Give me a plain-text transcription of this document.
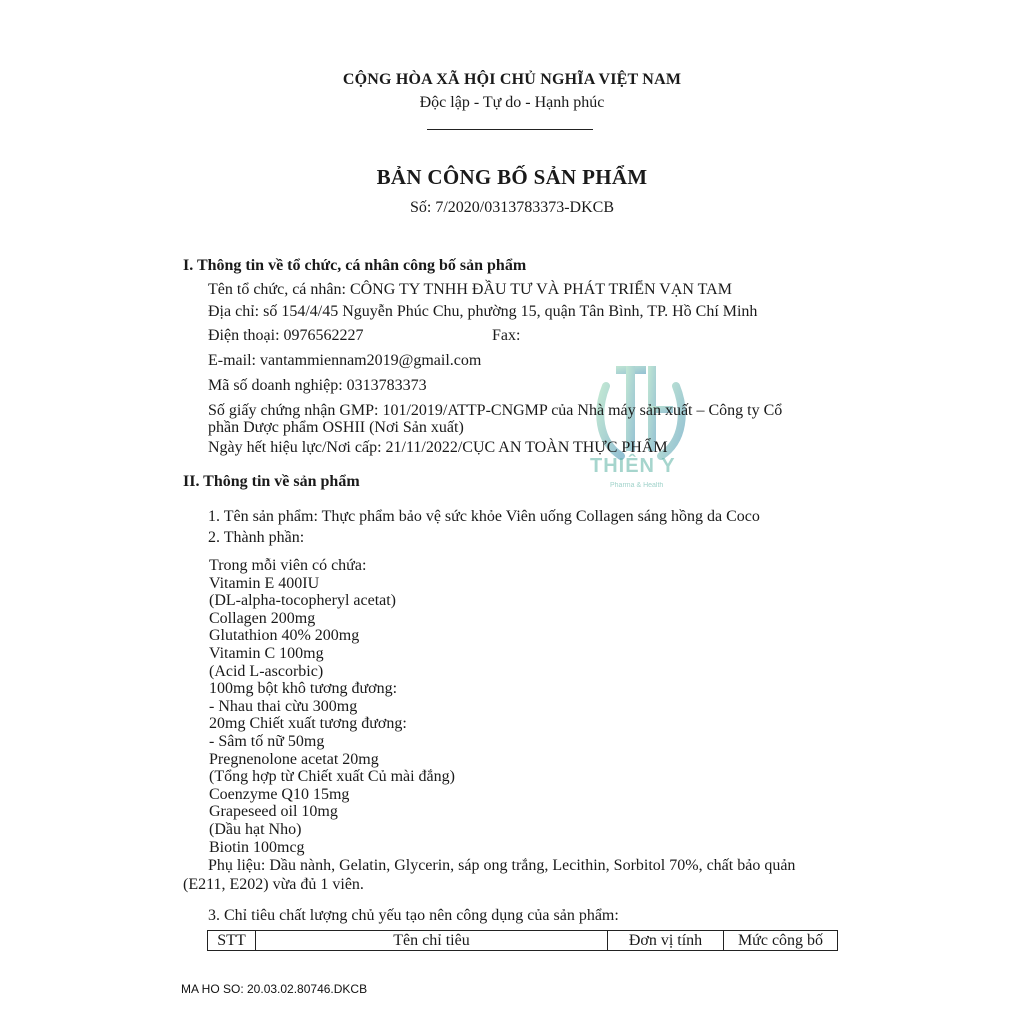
CỘNG HÒA XÃ HỘI CHỦ NGHĨA VIỆT NAM
Độc lập - Tự do - Hạnh phúc
BẢN CÔNG BỐ SẢN PHẨM
Số: 7/2020/0313783373-DKCB
THIÊN Y
Pharma & Health
I. Thông tin về tổ chức, cá nhân công bố sản phẩm
Tên tổ chức, cá nhân: CÔNG TY TNHH ĐẦU TƯ VÀ PHÁT TRIỂN VẠN TAM
Địa chỉ: số 154/4/45 Nguyễn Phúc Chu, phường 15, quận Tân Bình, TP. Hồ Chí Minh
Điện thoại: 0976562227	Fax:
E-mail: vantammiennam2019@gmail.com
Mã số doanh nghiệp: 0313783373
Số giấy chứng nhận GMP: 101/2019/ATTP-CNGMP của Nhà máy sản xuất – Công ty Cổ
phần Dược phẩm OSHII (Nơi Sản xuất)
Ngày hết hiệu lực/Nơi cấp: 21/11/2022/CỤC AN TOÀN THỰC PHẨM
II. Thông tin về sản phẩm
1. Tên sản phẩm: Thực phẩm bảo vệ sức khỏe Viên uống Collagen sáng hồng da Coco
2. Thành phần:
Trong mỗi viên có chứa:
Vitamin E 400IU
(DL-alpha-tocopheryl acetat)
Collagen 200mg
Glutathion 40% 200mg
Vitamin C 100mg
(Acid L-ascorbic)
100mg bột khô tương đương:
- Nhau thai cừu 300mg
20mg Chiết xuất tương đương:
- Sâm tố nữ 50mg
Pregnenolone acetat 20mg
(Tổng hợp từ Chiết xuất Củ mài đắng)
Coenzyme Q10 15mg
Grapeseed oil 10mg
(Dầu hạt Nho)
Biotin 100mcg
Phụ liệu: Dầu nành, Gelatin, Glycerin, sáp ong trắng, Lecithin, Sorbitol 70%, chất bảo quản
(E211, E202) vừa đủ 1 viên.
3. Chỉ tiêu chất lượng chủ yếu tạo nên công dụng của sản phẩm:
STT	Tên chỉ tiêu	Đơn vị tính	Mức công bố
MA HO SO: 20.03.02.80746.DKCB
